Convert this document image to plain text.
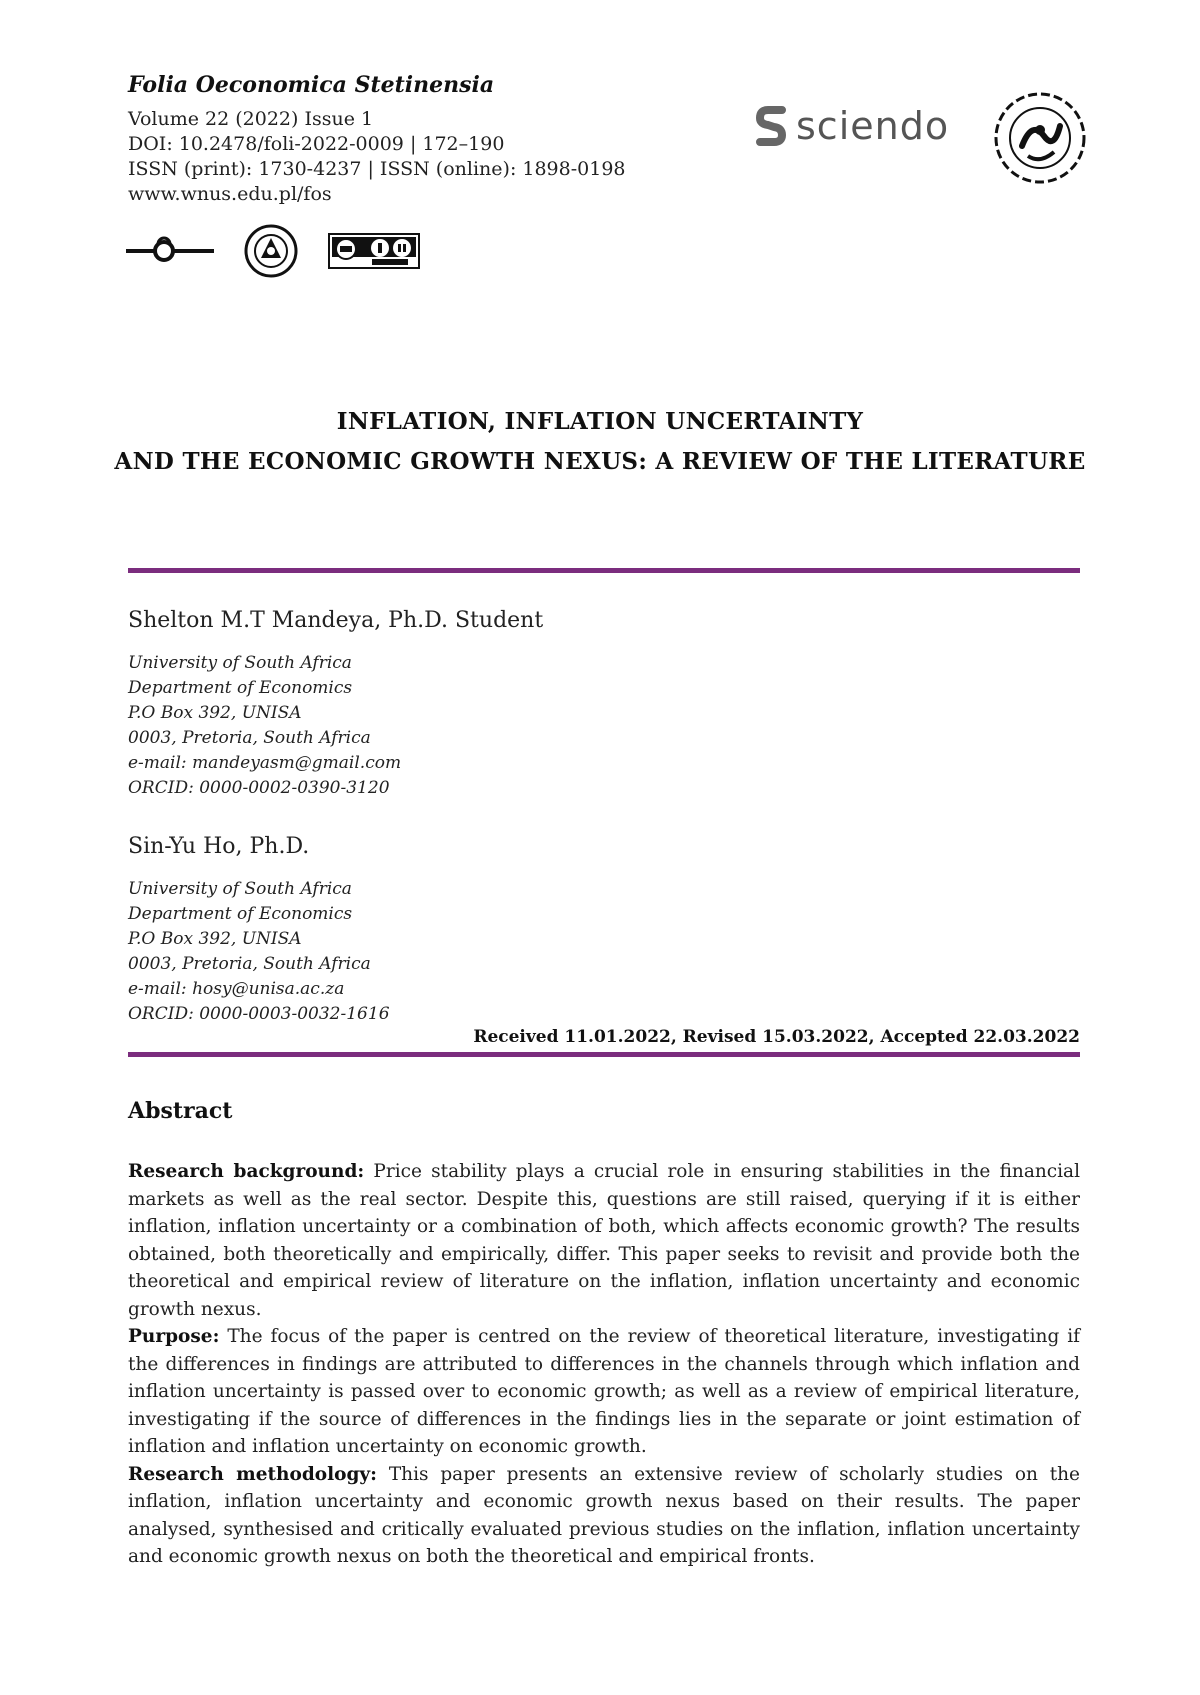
Folia Oeconomica Stetinensia
Volume 22 (2022) Issue 1
DOI: 10.2478/foli-2022-0009 | 172–190
ISSN (print): 1730-4237 | ISSN (online): 1898-0198
www.wnus.edu.pl/fos
sciendo
INFLATION, INFLATION UNCERTAINTY
AND THE ECONOMIC GROWTH NEXUS: A REVIEW OF THE LITERATURE
Shelton M.T Mandeya, Ph.D. Student
University of South Africa
Department of Economics
P.O Box 392, UNISA
0003, Pretoria, South Africa
e-mail: mandeyasm@gmail.com
ORCID: 0000-0002-0390-3120
Sin-Yu Ho, Ph.D.
University of South Africa
Department of Economics
P.O Box 392, UNISA
0003, Pretoria, South Africa
e-mail: hosy@unisa.ac.za
ORCID: 0000-0003-0032-1616
Received 11.01.2022, Revised 15.03.2022, Accepted 22.03.2022
Abstract

Research background: Price stability plays a crucial role in ensuring stabilities in the financial markets as well as the real sector. Despite this, questions are still raised, querying if it is either inflation, inflation uncertainty or a combination of both, which affects economic growth? The results obtained, both theoretically and empirically, differ. This paper seeks to revisit and provide both the theoretical and empirical review of literature on the inflation, inflation uncertainty and economic growth nexus.

Purpose: The focus of the paper is centred on the review of theoretical literature, investigating if the differences in findings are attributed to differences in the channels through which inflation and inflation uncertainty is passed over to economic growth; as well as a review of empirical literature, investigating if the source of differences in the findings lies in the separate or joint estimation of inflation and inflation uncertainty on economic growth.

Research methodology: This paper presents an extensive review of scholarly studies on the inflation, inflation uncertainty and economic growth nexus based on their results. The paper analysed, synthesised and critically evaluated previous studies on the inflation, inflation uncertainty and economic growth nexus on both the theoretical and empirical fronts.
